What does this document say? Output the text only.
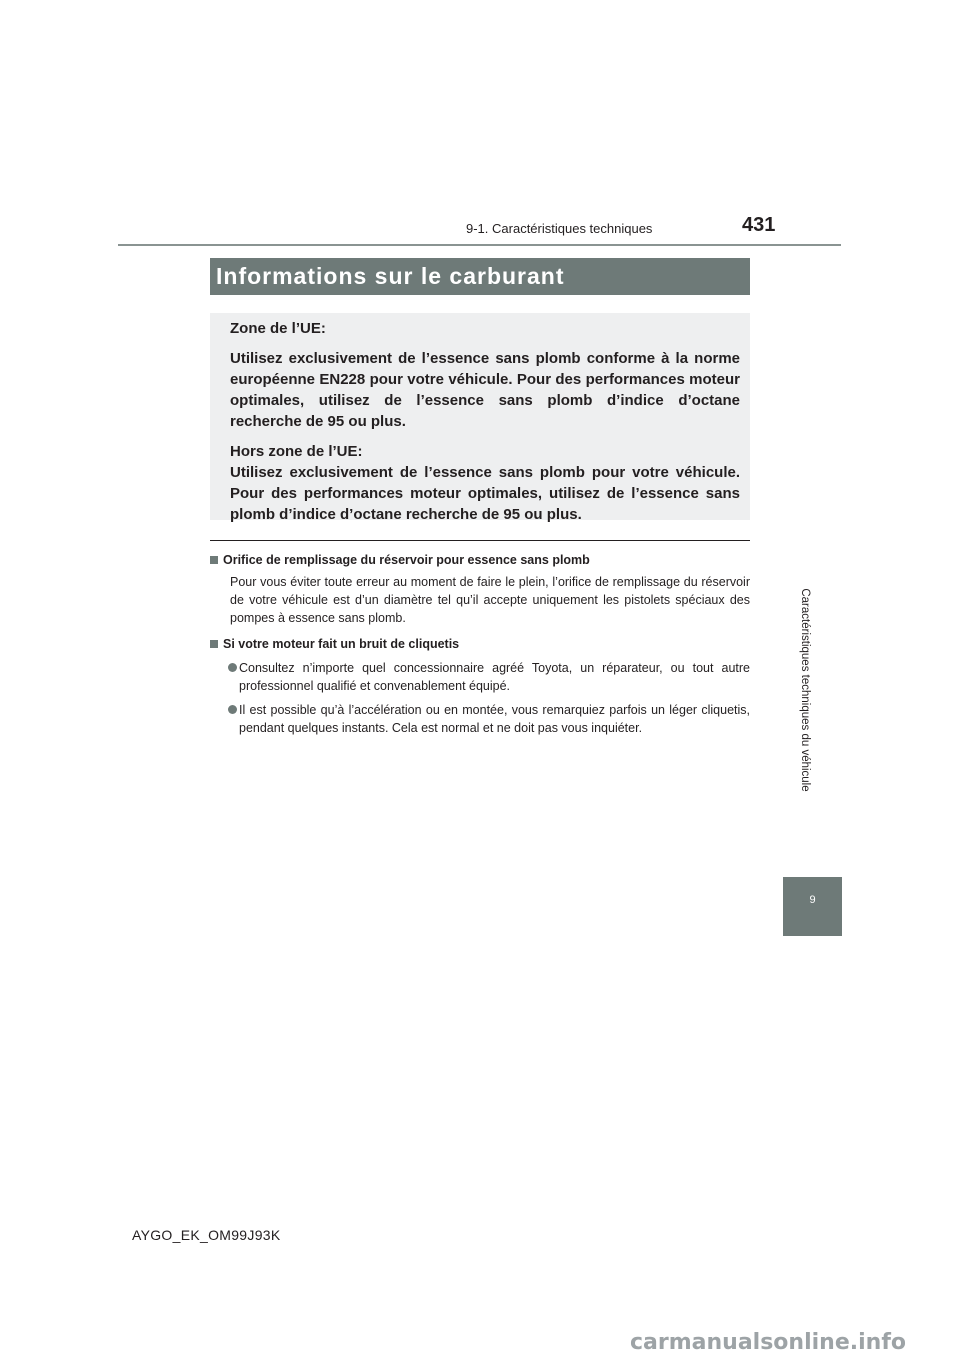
9-1. Caractéristiques techniques	431
Informations sur le carburant

Zone de l’UE:

Utilisez exclusivement de l’essence sans plomb conforme à la norme européenne EN228 pour votre véhicule. Pour des performances moteur optimales, utilisez de l’essence sans plomb d’indice d’octane recherche de 95 ou plus.

Hors zone de l’UE:

Utilisez exclusivement de l’essence sans plomb pour votre véhicule. Pour des performances moteur optimales, utilisez de l’essence sans plomb d’indice d’octane recherche de 95 ou plus.

Orifice de remplissage du réservoir pour essence sans plomb

Pour vous éviter toute erreur au moment de faire le plein, l’orifice de remplissage du réservoir de votre véhicule est d’un diamètre tel qu’il accepte uniquement les pistolets spéciaux des pompes à essence sans plomb.

Si votre moteur fait un bruit de cliquetis

Consultez n’importe quel concessionnaire agréé Toyota, un réparateur, ou tout autre professionnel qualifié et convenablement équipé.
Il est possible qu’à l’accélération ou en montée, vous remarquiez parfois un léger cliquetis, pendant quelques instants. Cela est normal et ne doit pas vous inquiéter.	Caractéristiques techniques du véhicule
9
AYGO_EK_OM99J93K
carmanualsonline.info
